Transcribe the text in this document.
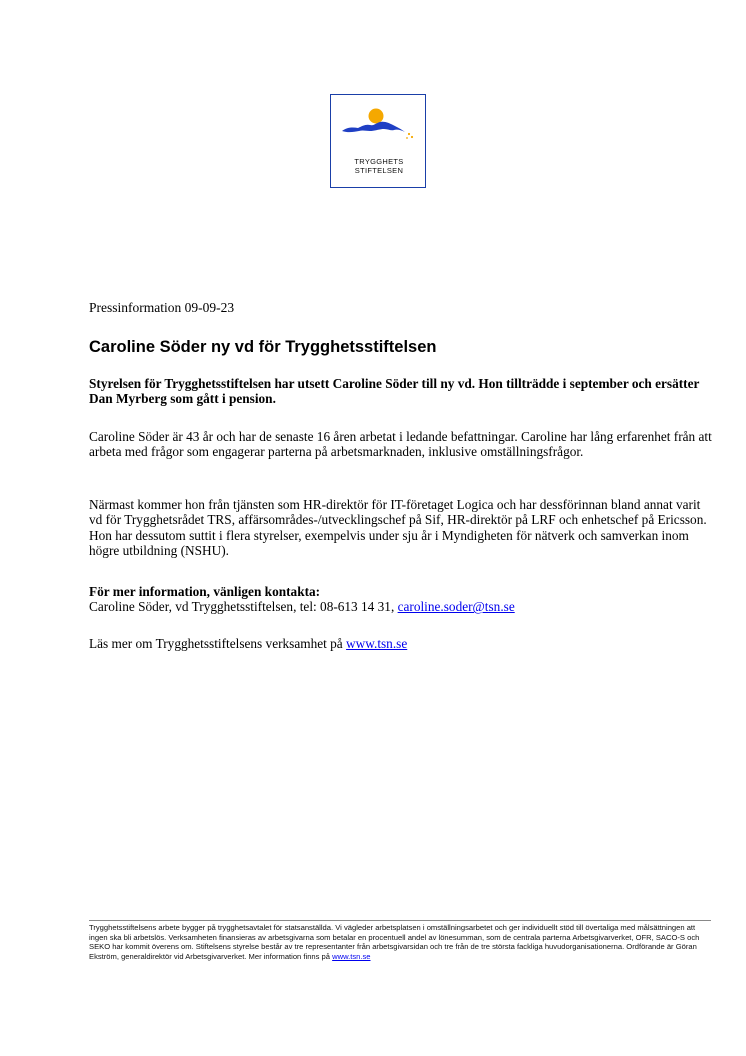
TRYGGHETS
STIFTELSEN

Pressinformation 09-09-23

Caroline Söder ny vd för Trygghetsstiftelsen

Styrelsen för Trygghetsstiftelsen har utsett Caroline Söder till ny vd. Hon tillträdde i september och ersätter Dan Myrberg som gått i pension.

Caroline Söder är 43 år och har de senaste 16 åren arbetat i ledande befattningar. Caroline har lång erfarenhet från att arbeta med frågor som engagerar parterna på arbetsmarknaden, inklusive omställningsfrågor.

Närmast kommer hon från tjänsten som HR-direktör för IT-företaget Logica och har dessförinnan bland annat varit vd för Trygghetsrådet TRS, affärsområdes-/utvecklingschef på Sif, HR-direktör på LRF och enhetschef på Ericsson. Hon har dessutom suttit i flera styrelser, exempelvis under sju år i Myndigheten för nätverk och samverkan inom högre utbildning (NSHU).

För mer information, vänligen kontakta:
Caroline Söder, vd Trygghetsstiftelsen, tel: 08-613 14 31, caroline.soder@tsn.se

Läs mer om Trygghetsstiftelsens verksamhet på www.tsn.se

Trygghetsstiftelsens arbete bygger på trygghetsavtalet för statsanställda. Vi vägleder arbetsplatsen i omställningsarbetet och ger individuellt stöd till övertaliga med målsättningen att ingen ska bli arbetslös. Verksamheten finansieras av arbetsgivarna som betalar en procentuell andel av lönesumman, som de centrala parterna Arbetsgivarverket, OFR, SACO-S och SEKO har kommit överens om. Stiftelsens styrelse består av tre representanter från arbetsgivarsidan och tre från de tre största fackliga huvudorganisationerna. Ordförande är Göran Ekström, generaldirektör vid Arbetsgivarverket. Mer information finns på www.tsn.se
